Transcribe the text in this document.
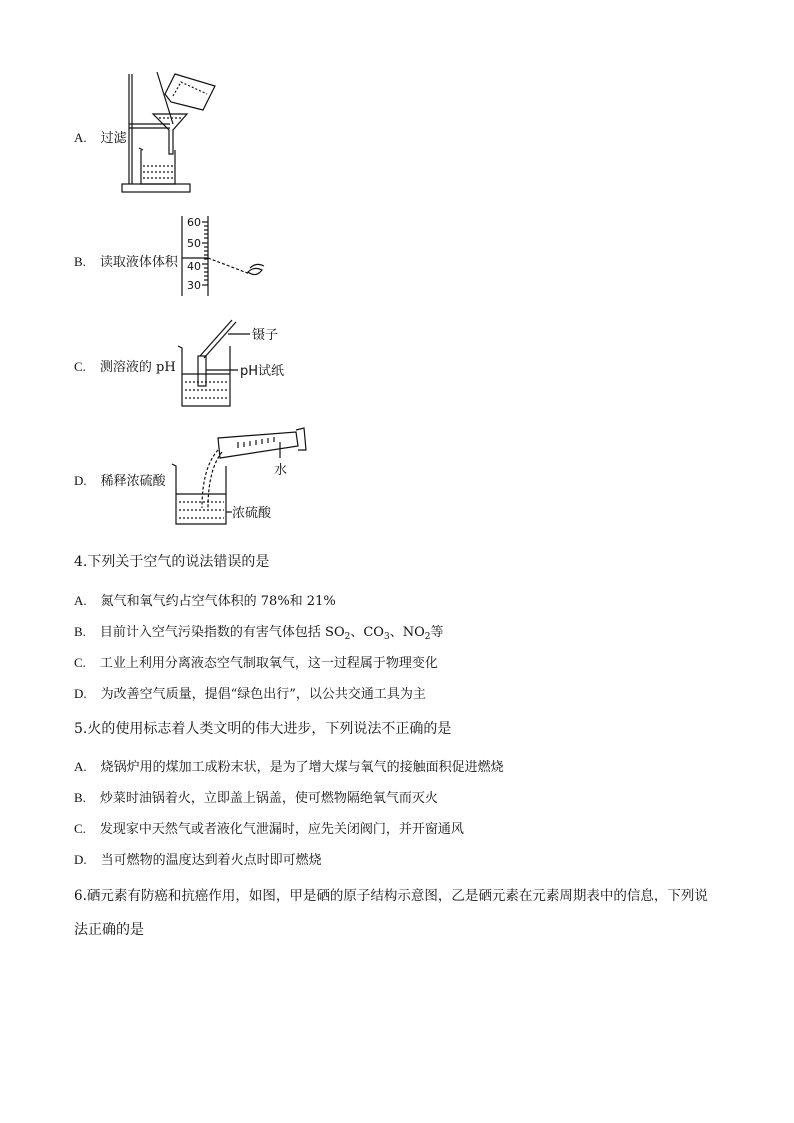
A. 过滤
B. 读取液体体积
60
50
40
30
C. 测溶液的 pH
镊子
pH试纸
D. 稀释浓硫酸
水
浓硫酸
4.下列关于空气的说法错误的是
A. 氮气和氧气约占空气体积的 78%和 21%
B. 目前计入空气污染指数的有害气体包括 $SO_2$、$CO_3$、$NO_2$等
C. 工业上利用分离液态空气制取氧气，这一过程属于物理变化
D. 为改善空气质量，提倡“绿色出行”，以公共交通工具为主
5.火的使用标志着人类文明的伟大进步，下列说法不正确的是
A. 烧锅炉用的煤加工成粉末状，是为了增大煤与氧气的接触面积促进燃烧
B. 炒菜时油锅着火，立即盖上锅盖，使可燃物隔绝氧气而灭火
C. 发现家中天然气或者液化气泄漏时，应先关闭阀门，并开窗通风
D. 当可燃物的温度达到着火点时即可燃烧
6.硒元素有防癌和抗癌作用，如图，甲是硒的原子结构示意图，乙是硒元素在元素周期表中的信息，下列说
法正确的是
